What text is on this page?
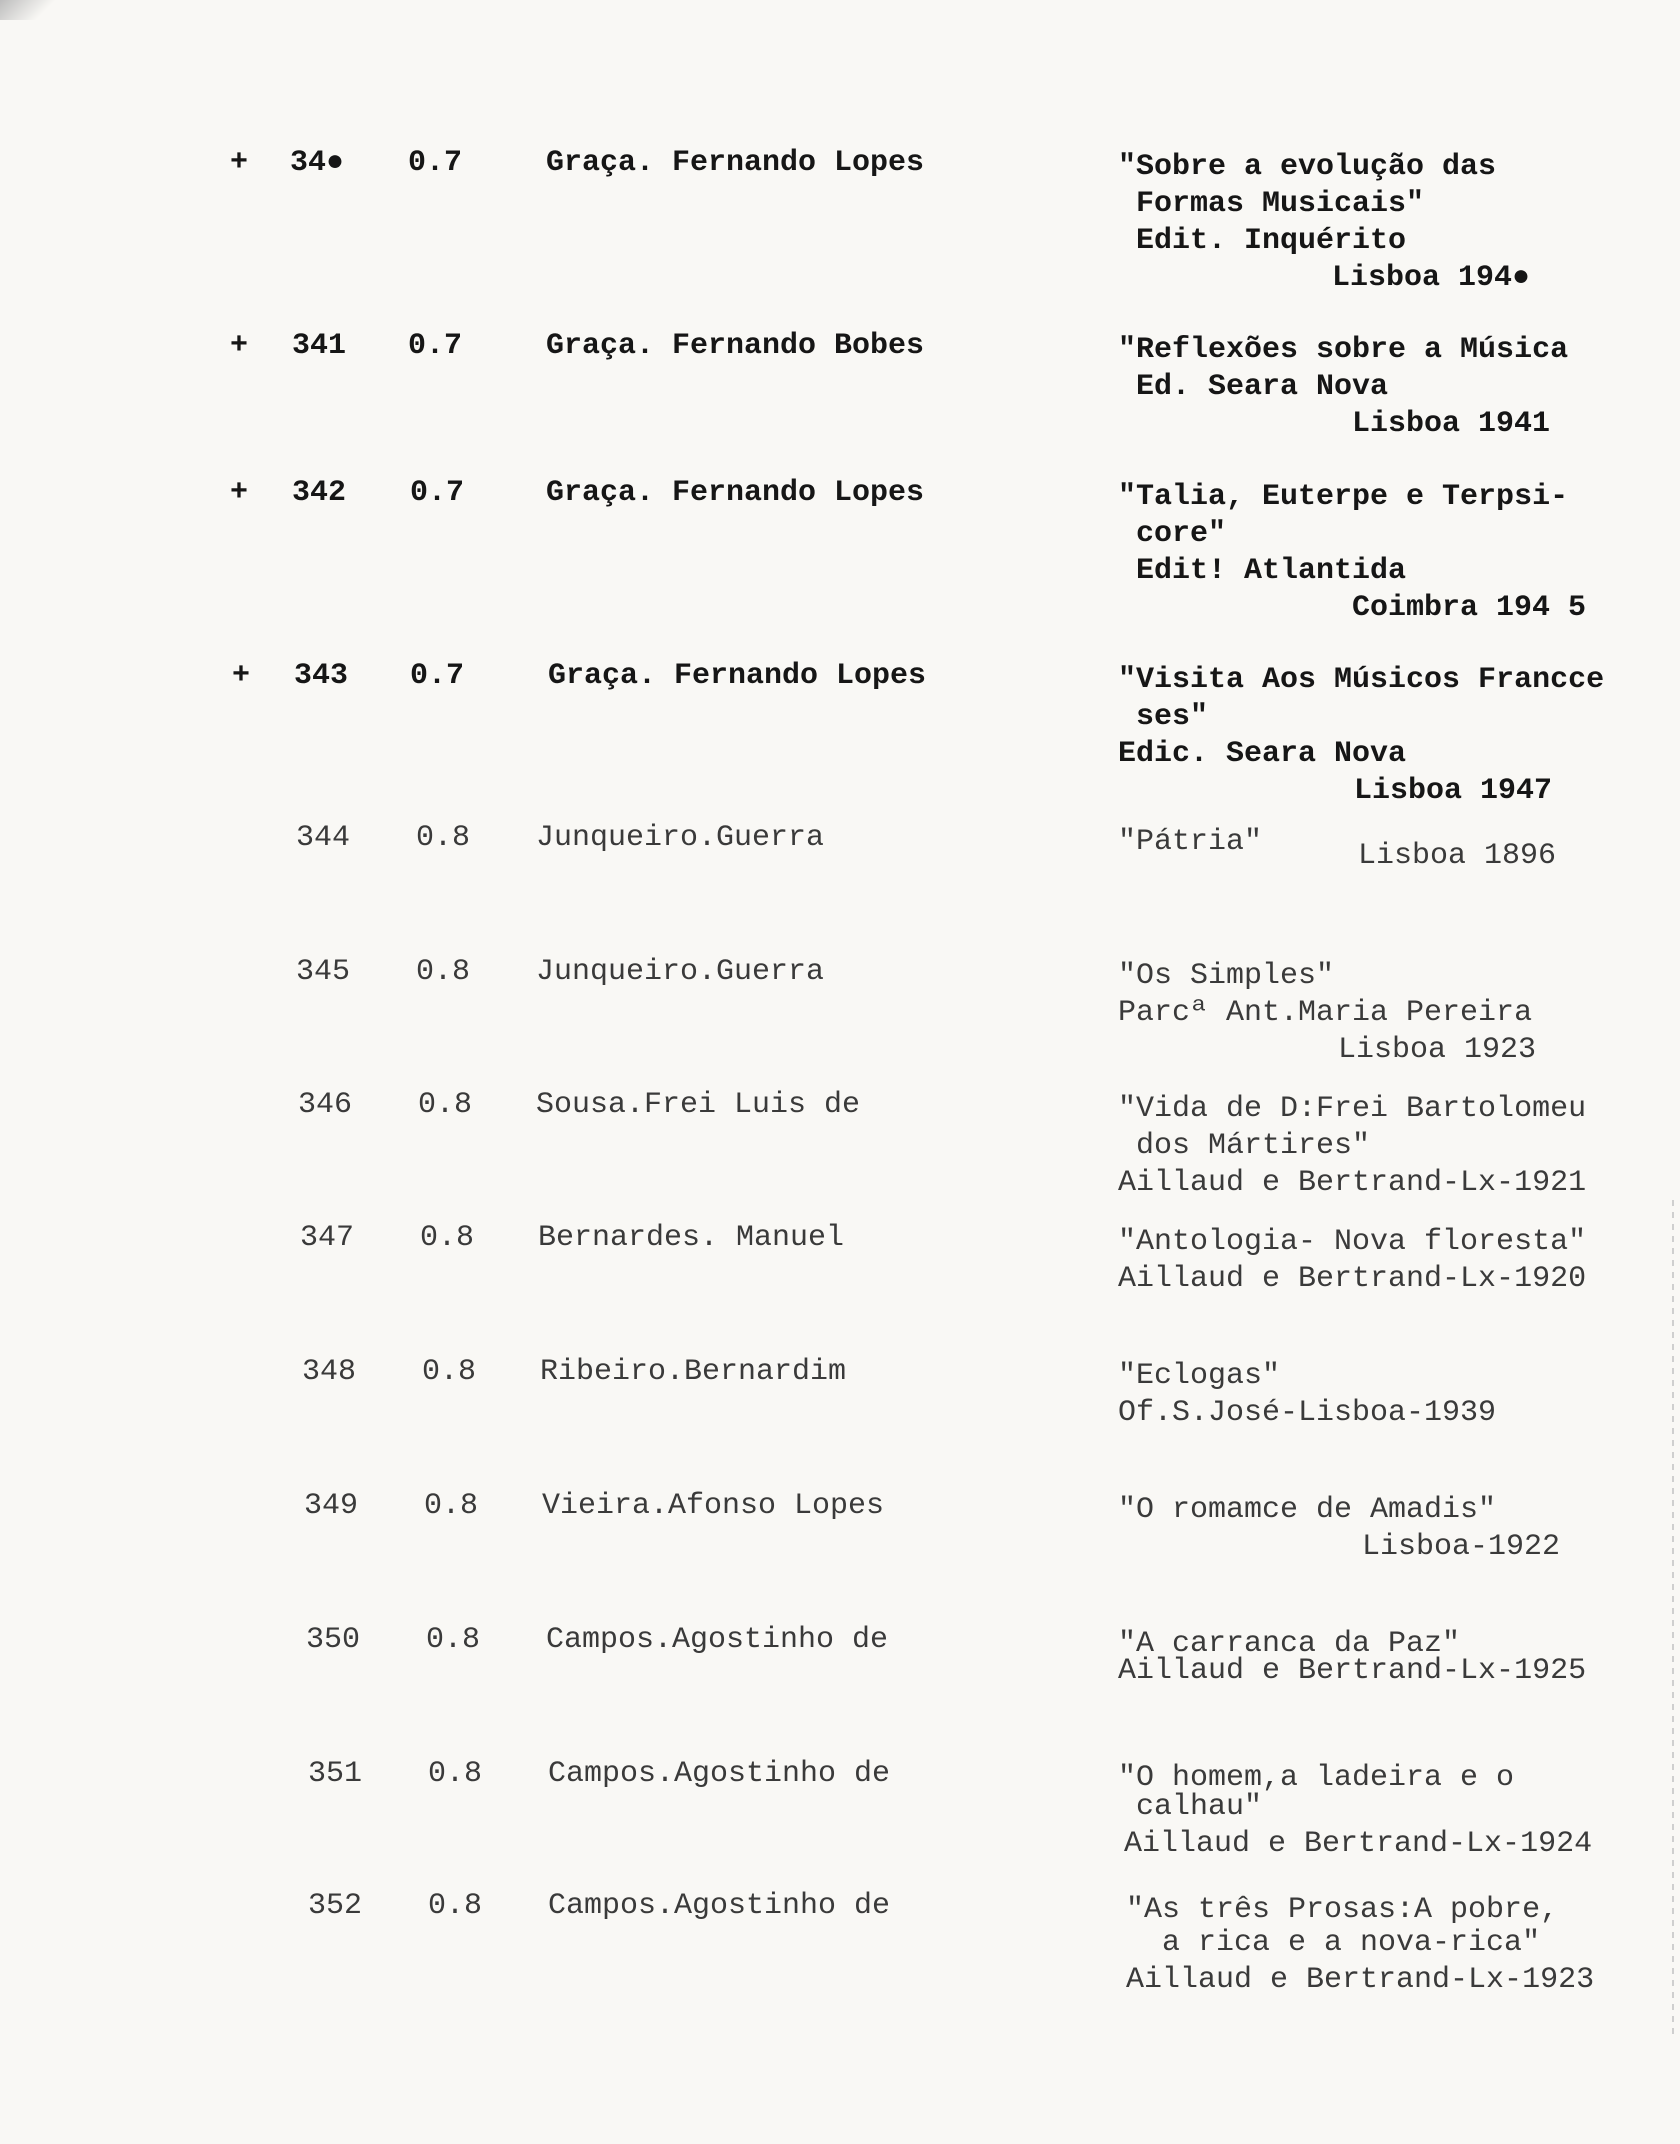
+ 34● 0.7	Graça. Fernando Lopes	"Sobre a evolução das
Formas Musicais"
Edit. Inquérito
Lisboa 194●
+ 341 0.7	Graça. Fernando Bobes	"Reflexões sobre a Música
Ed. Seara Nova
Lisboa 1941
+ 342 0.7	Graça. Fernando Lopes	"Talia, Euterpe e Terpsi-
core"
Edit! Atlantida
Coimbra 194 5
+ 343 0.7	Graça. Fernando Lopes	"Visita Aos Músicos Francce
ses"
Edic. Seara Nova
Lisboa 1947
344 0.8 Junqueiro.Guerra	"Pátria"	Lisboa 1896
345 0.8 Junqueiro.Guerra	"Os Simples"
Parcª Ant.Maria Pereira
Lisboa 1923
346 0.8 Sousa.Frei Luis de	"Vida de D:Frei Bartolomeu
dos Mártires"
Aillaud e Bertrand-Lx-1921
347 0.8 Bernardes. Manuel	"Antologia- Nova floresta"
Aillaud e Bertrand-Lx-1920
348 0.8 Ribeiro.Bernardim	"Eclogas"
Of.S.José-Lisboa-1939
349 0.8 Vieira.Afonso Lopes	"O romamce de Amadis"
Lisboa-1922
350 0.8 Campos.Agostinho de	"A carranca da Paz"
Aillaud e Bertrand-Lx-1925
351 0.8 Campos.Agostinho de	"O homem,a ladeira e o
calhau"
Aillaud e Bertrand-Lx-1924
352 0.8 Campos.Agostinho de	"As três Prosas:A pobre,
a rica e a nova-rica"
Aillaud e Bertrand-Lx-1923
